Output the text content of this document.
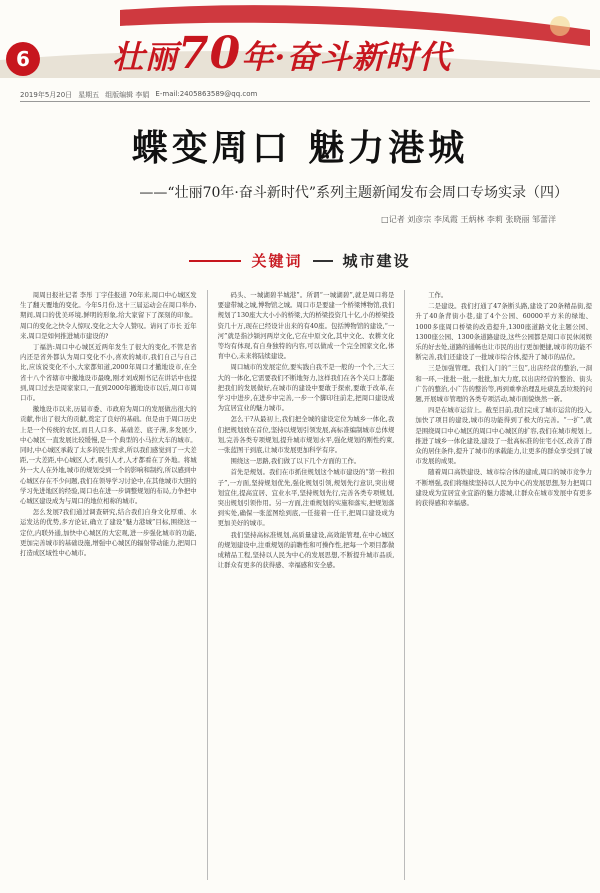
6	壮丽70年·奋斗新时代
2019年5月20日 星期五 组版编辑 李娟 E-mail:2405863589@qq.com
蝶变周口 魅力港城
——“壮丽70年·奋斗新时代”系列主题新闻发布会周口专场实录（四）
□记者 刘彦宗 李凤霞 王炳林 李莉 张晓丽 邹蕾洋
关键词	城市建设

周周日报社记者 李彤 丁宇佳报道 70年来,周口中心城区发生了翻天覆地的变化。今年5月份,这十三届运动会在周口举办,期间,周口的优美环境,鲜明的形象,给大家留下了深刻的印象。周口的变化之快令人惊叹,变化之大令人赞叹。请问了市长 近年来,周口是如何推进城市建设的?

丁福浩:周口中心城区近两年发生了很大的变化,不管是省内还是省外都认为周口变化不小,喜欢的城市,我们自己与自己比,应该说变化不小,大家都知道,2000年周口才撤地设市,在全省十八个省辖市中撤地设市最晚,刚才刘成刚书记在讲话中也提到,周口过去是周家家口,一直到2000年撤地设市以后,周口市周口市。

撤地设市以来,历届市委、市政府为周口的发展做出很大的贡献,作出了很大的贡献,奠定了良好的基础。但是由于周口历史上是一个传统的农区,而且人口多、基础差、底子薄,多发展少,中心城区一直发展比较缓慢,是一个典型的小马拉大车的城市。同时,中心城区承载了太多的民生需求,所以我们感觉到了一大差距,一大差距,中心城区人才,吸引人才,人才都看在了外地。将城外一大人在外地,城市的规划受到一个的影响和制约,所以感到中心城区存在不少问题,我们在领导学习讨论中,在其他城市大胆的学习先进地区的经验,周口也在进一步调整规划的布局,力争把中心城区建设成为与周口的地位相称的城市。

怎么发展?我们通过调查研究,结合我们自身文化厚重、水运发达的优势,多方论证,确立了建设“魅力港城”目标,围绕这一定位,内联外通,加快中心城区的大宏观,进一步强化城市的功能,更加完善城市的基础设施,增强中心城区的辐射带动能力,把周口打造成区域性中心城市。

码头、一城湖碧半城港”。所谓“一城湖碧”,就是周口将是要建带城之城,博物馆之城。周口市是要建一个桥梁博物馆,我们规划了130座大大小小的桥梁,大的桥梁投资几十亿,小的桥梁投资几十万,现在已经设计出来的有40座。包括博物馆的建设,“一河”就是指沙颍河两岸文化,它在中原文化,其中文化、农耕文化等均有体现,有自身独特的内容,可以做成一个完全国家文化,体育中心,未来将陆续建设。

周口城市的发展定位,要实践自我不是一般的一个个,三大三大的一体化,它需要我们不断地努力,这样我们在各个关口上都能把我们的发展做好,在城市的建设中要敢于探索,要敢于改革,在学习中进步,在进步中完善,一步一个脚印往前走,把周口建设成为宜居宜业的魅力城市。

怎么干?从最初上,我们把全城的建设定位为城乡一体化,我们把规划放在首位,坚持以规划引领发展,高标准编制城市总体规划,完善各类专项规划,提升城市规划水平,强化规划的刚性约束,一张蓝图干到底,让城市发展更加科学有序。

围绕这一思路,我们做了以下几个方面的工作。

首先是规划。我们在市抓住规划这个城市建设的“第一粒扣子”,一方面,坚持规划优先,强化规划引领,规划先行意识,突出规划宜住,提高宜居、宜业水平,坚持规划先行,完善各类专项规划,突出规划引领作用。另一方面,注重规划的实施和落实,把规划落到实处,确保一张蓝图绘到底,一任接着一任干,把周口建设成为更加美好的城市。

我们坚持高标准规划,高质量建设,高效能管理,在中心城区的规划建设中,注重规划的前瞻性和可操作性,把每一个项目都做成精品工程,坚持以人民为中心的发展思想,不断提升城市品质,让群众有更多的获得感、幸福感和安全感。

工作。

二是建设。我们打通了47条断头路,建设了20条精品街,提升了40条背街小巷,建了4个公园、60000平方米的绿地、1000多座周口桥梁的改造提升,1300座道路文化主题公园、1300座公园、1300条道路建设,这些公园都是周口市民休闲娱乐的好去处,道路的通畅也让市民的出行更加便捷,城市的功能不断完善,我们还建设了一批城市综合体,提升了城市的品位。

三是加强管理。我们入门的“三包”,出店经营的整治,一洞和一环,一批批一批,一批批,加大力度,以出店经营的整治、街头广告的整治,小广告的整治等,再到重拳治理乱吐痰乱丢垃圾的问题,开展城市管理的各类专项活动,城市面貌焕然一新。

四是在城市运营上。截至目前,我们完成了城市运营的投入,加快了项目的建设,城市的功能得到了极大的完善。“一扩”,就是围绕周口中心城区的周口中心城区的扩容,我们在城市规划上,推进了城乡一体化建设,建设了一批高标准的住宅小区,改善了群众的居住条件,提升了城市的承载能力,让更多的群众享受到了城市发展的成果。

随着周口高铁建设、城市综合体的建成,周口的城市竞争力不断增强,我们将继续坚持以人民为中心的发展思想,努力把周口建设成为宜居宜业宜游的魅力港城,让群众在城市发展中有更多的获得感和幸福感。
